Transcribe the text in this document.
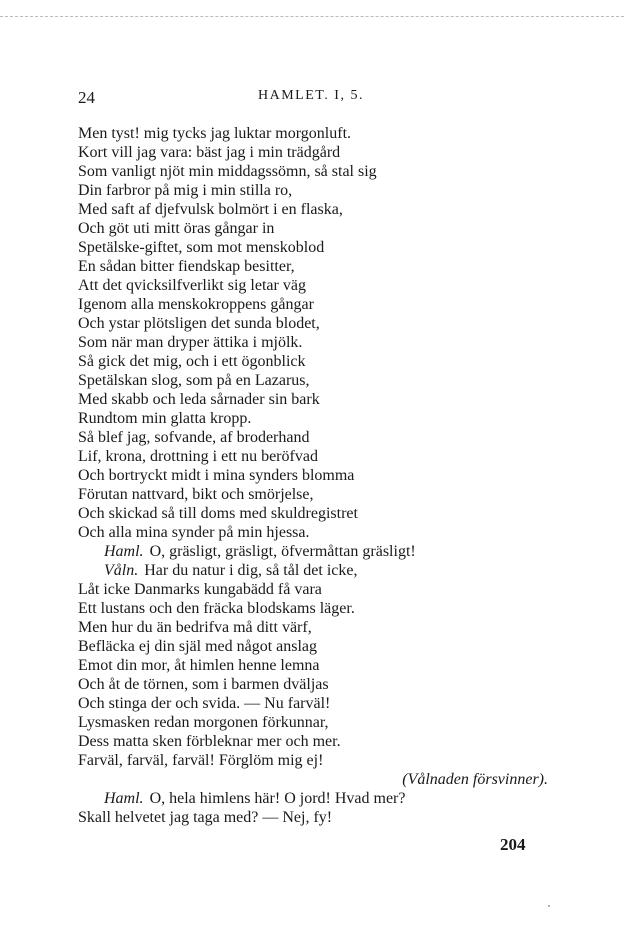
24	HAMLET. I, 5.
Men tyst! mig tycks jag luktar morgonluft.
Kort vill jag vara: bäst jag i min trädgård
Som vanligt njöt min middagssömn, så stal sig
Din farbror på mig i min stilla ro,
Med saft af djefvulsk bolmört i en flaska,
Och göt uti mitt öras gångar in
Spetälske-giftet, som mot menskoblod
En sådan bitter fiendskap besitter,
Att det qvicksilfverlikt sig letar väg
Igenom alla menskokroppens gångar
Och ystar plötsligen det sunda blodet,
Som när man dryper ättika i mjölk.
Så gick det mig, och i ett ögonblick
Spetälskan slog, som på en Lazarus,
Med skabb och leda sårnader sin bark
Rundtom min glatta kropp.
Så blef jag, sofvande, af broderhand
Lif, krona, drottning i ett nu beröfvad
Och bortryckt midt i mina synders blomma
Förutan nattvard, bikt och smörjelse,
Och skickad så till doms med skuldregistret
Och alla mina synder på min hjessa.
Haml. O, gräsligt, gräsligt, öfvermåttan gräsligt!
Våln. Har du natur i dig, så tål det icke,
Låt icke Danmarks kungabädd få vara
Ett lustans och den fräcka blodskams läger.
Men hur du än bedrifva må ditt värf,
Befläcka ej din själ med något anslag
Emot din mor, åt himlen henne lemna
Och åt de törnen, som i barmen dväljas
Och stinga der och svida. — Nu farväl!
Lysmasken redan morgonen förkunnar,
Dess matta sken förbleknar mer och mer.
Farväl, farväl, farväl! Förglöm mig ej!
(Vålnaden försvinner).
Haml. O, hela himlens här! O jord! Hvad mer?
Skall helvetet jag taga med? — Nej, fy!
204
